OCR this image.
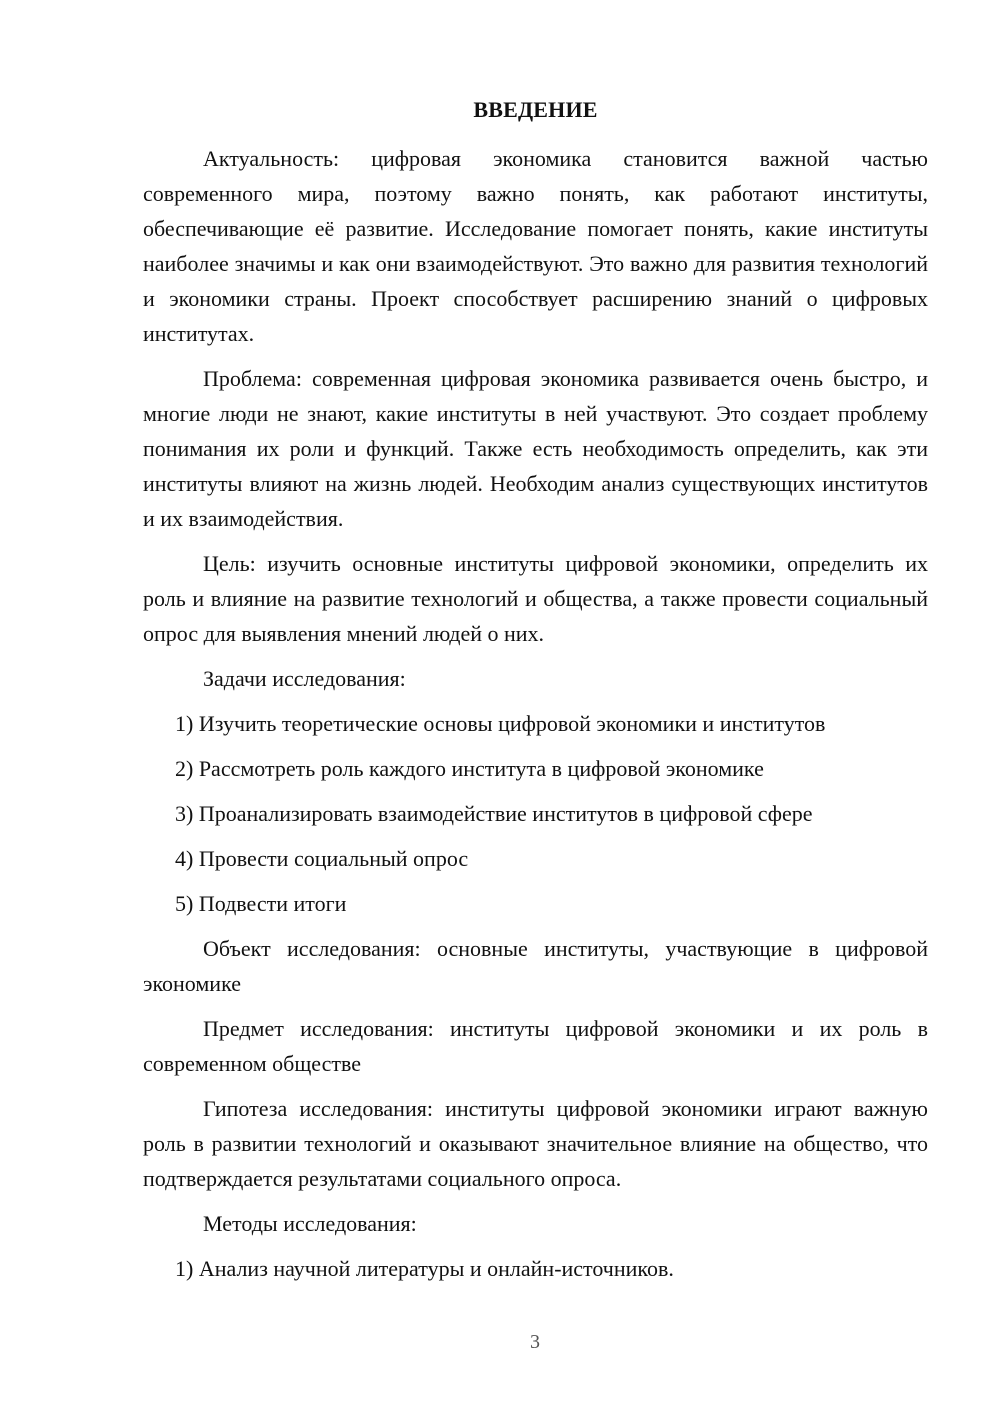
ВВЕДЕНИЕ

Актуальность: цифровая экономика становится важной частью современного мира, поэтому важно понять, как работают институты, обеспечивающие её развитие. Исследование помогает понять, какие институты наиболее значимы и как они взаимодействуют. Это важно для развития технологий и экономики страны. Проект способствует расширению знаний о цифровых институтах.

Проблема: современная цифровая экономика развивается очень быстро, и многие люди не знают, какие институты в ней участвуют. Это создает проблему понимания их роли и функций. Также есть необходимость определить, как эти институты влияют на жизнь людей. Необходим анализ существующих институтов и их взаимодействия.

Цель: изучить основные институты цифровой экономики, определить их роль и влияние на развитие технологий и общества, а также провести социальный опрос для выявления мнений людей о них.

Задачи исследования:

1) Изучить теоретические основы цифровой экономики и институтов
2) Рассмотреть роль каждого института в цифровой экономике
3) Проанализировать взаимодействие институтов в цифровой сфере
4) Провести социальный опрос
5) Подвести итоги

Объект исследования: основные институты, участвующие в цифровой экономике

Предмет исследования: институты цифровой экономики и их роль в современном обществе

Гипотеза исследования: институты цифровой экономики играют важную роль в развитии технологий и оказывают значительное влияние на общество, что подтверждается результатами социального опроса.

Методы исследования:

1) Анализ научной литературы и онлайн-источников.
3
